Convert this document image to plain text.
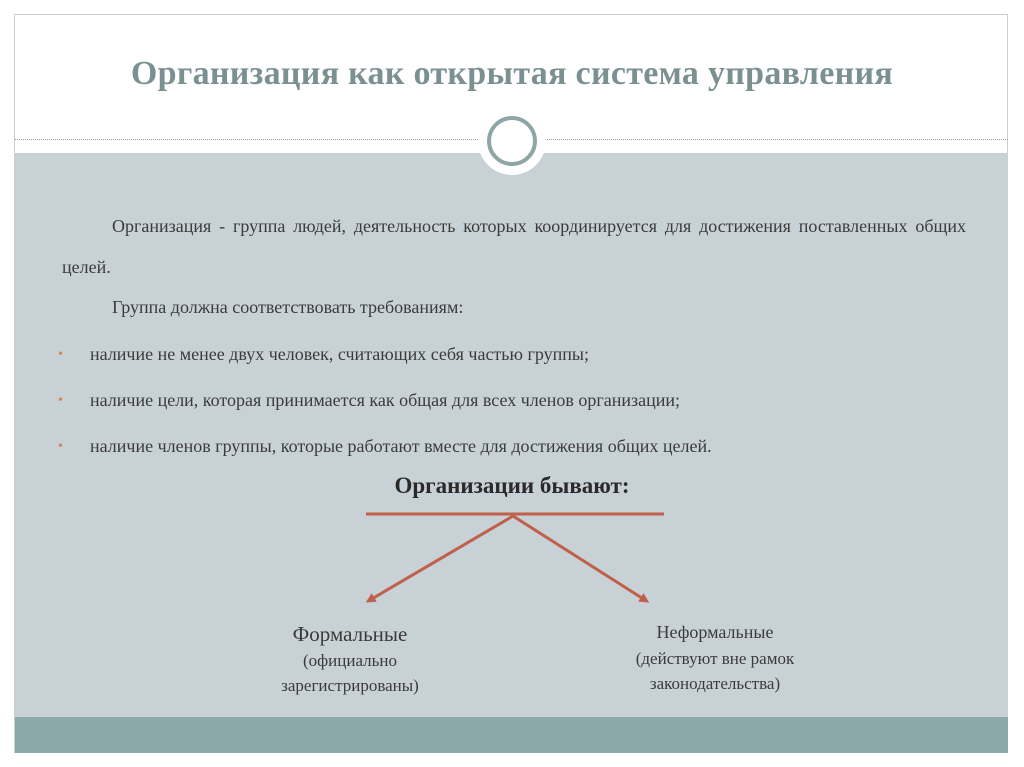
Организация как открытая система управления
Организация - группа людей, деятельность которых координируется для достижения поставленных общих целей.
Группа должна соответствовать требованиям:
• наличие не менее двух человек, считающих себя частью группы;
• наличие цели, которая принимается как общая для всех членов организации;
• наличие членов группы, которые работают вместе для достижения общих целей.
Организации бывают:
Формальные
(официально
зарегистрированы)
Неформальные
(действуют вне рамок
законодательства)
